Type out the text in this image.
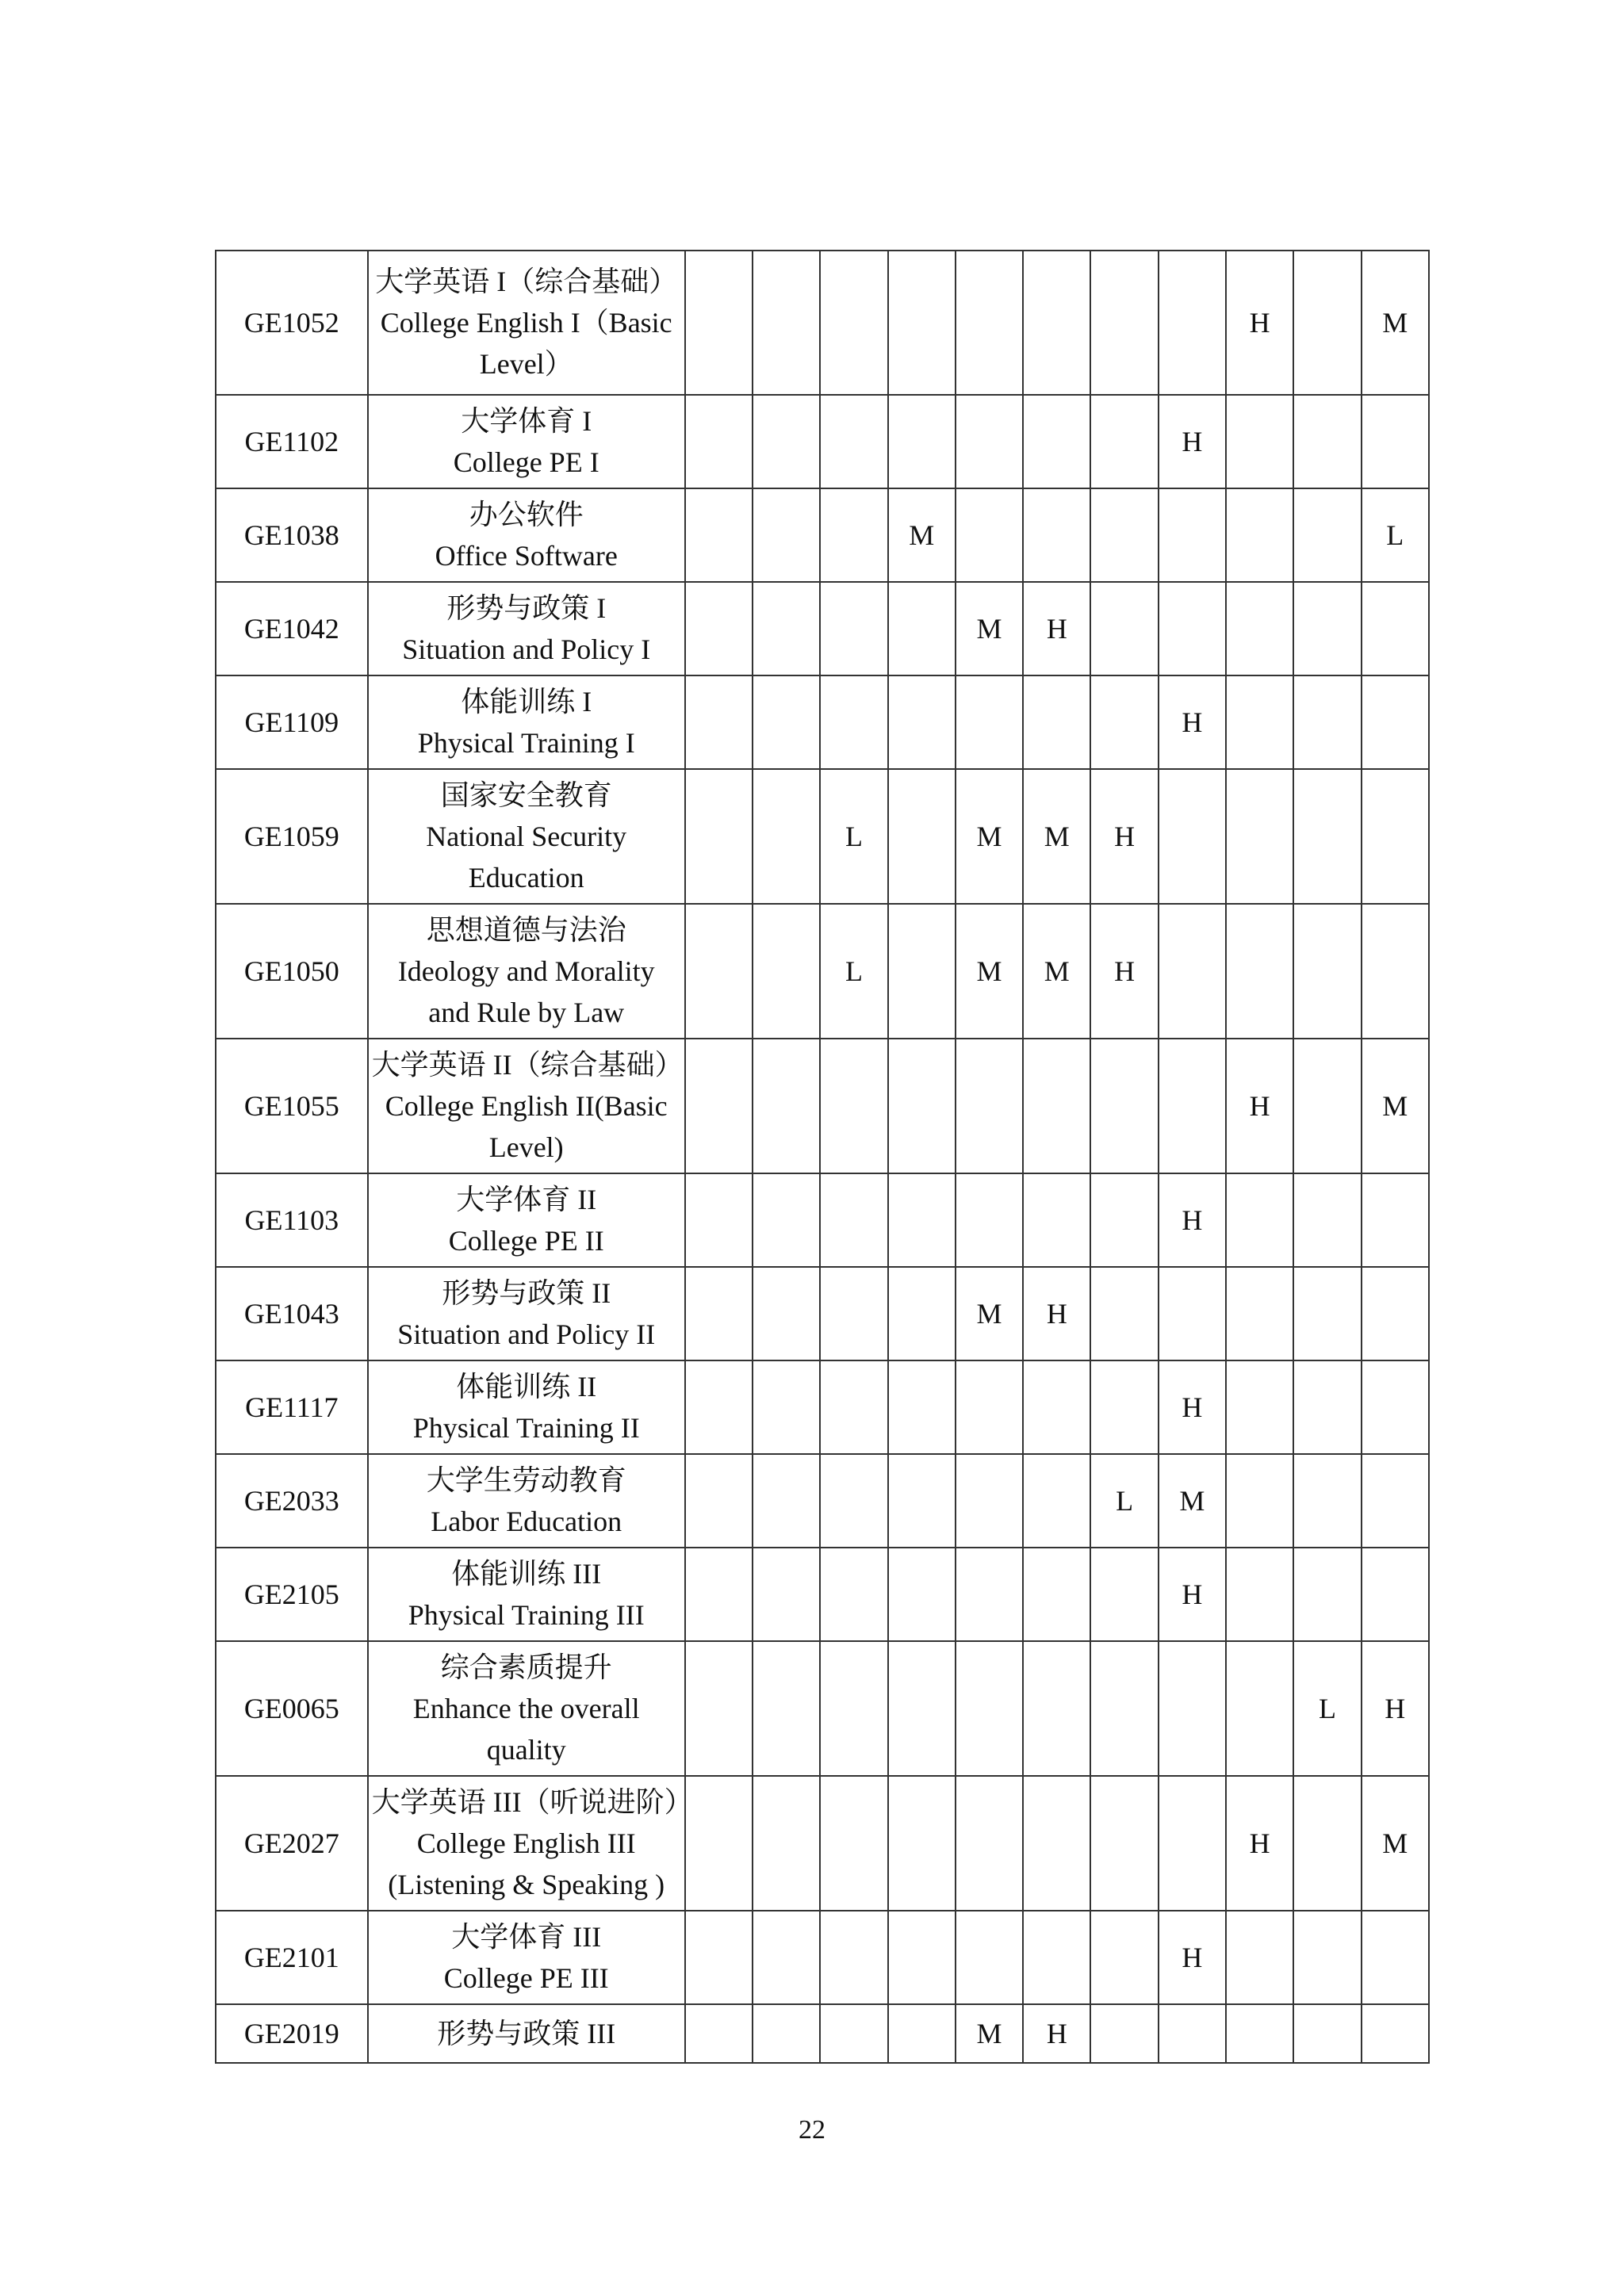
GE1052	大学英语 I（综合基础）
College English I（Basic
Level）									H		M
GE1102	大学体育 I
College PE I								H			
GE1038	办公软件
Office Software				M							L
GE1042	形势与政策 I
Situation and Policy I					M	H					
GE1109	体能训练 I
Physical Training I								H			
GE1059	国家安全教育
National Security
Education			L		M	M	H				
GE1050	思想道德与法治
Ideology and Morality
and Rule by Law			L		M	M	H				
GE1055	大学英语 II（综合基础）
College English II(Basic
Level)									H		M
GE1103	大学体育 II
College PE II								H			
GE1043	形势与政策 II
Situation and Policy II					M	H					
GE1117	体能训练 II
Physical Training II								H			
GE2033	大学生劳动教育
Labor Education							L	M			
GE2105	体能训练 III
Physical Training III								H			
GE0065	综合素质提升
Enhance the overall
quality										L	H
GE2027	大学英语 III（听说进阶）
College English III
(Listening & Speaking )									H		M
GE2101	大学体育 III
College PE III								H			
GE2019	形势与政策 III					M	H					
22
